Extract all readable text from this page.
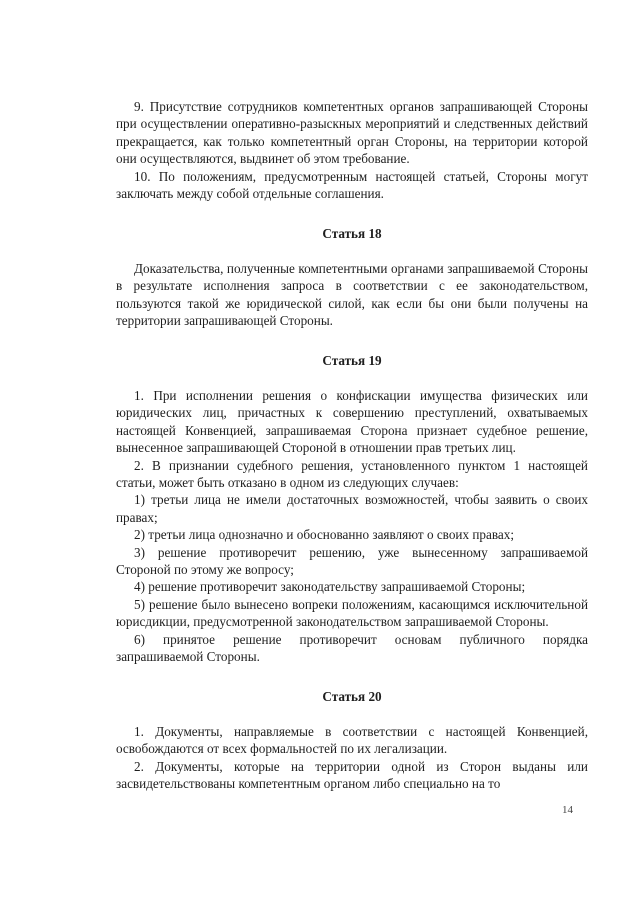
9. Присутствие сотрудников компетентных органов запрашивающей Стороны при осуществлении оперативно-разыскных мероприятий и следственных действий прекращается, как только компетентный орган Стороны, на территории которой они осуществляются, выдвинет об этом требование.

10. По положениям, предусмотренным настоящей статьей, Стороны могут заключать между собой отдельные соглашения.

Статья 18

Доказательства, полученные компетентными органами запрашиваемой Стороны в результате исполнения запроса в соответствии с ее законодательством, пользуются такой же юридической силой, как если бы они были получены на территории запрашивающей Стороны.

Статья 19

1. При исполнении решения о конфискации имущества физических или юридических лиц, причастных к совершению преступлений, охватываемых настоящей Конвенцией, запрашиваемая Сторона признает судебное решение, вынесенное запрашивающей Стороной в отношении прав третьих лиц.

2. В признании судебного решения, установленного пунктом 1 настоящей статьи, может быть отказано в одном из следующих случаев:

1) третьи лица не имели достаточных возможностей, чтобы заявить о своих правах;

2) третьи лица однозначно и обоснованно заявляют о своих правах;

3) решение противоречит решению, уже вынесенному запрашиваемой Стороной по этому же вопросу;

4) решение противоречит законодательству запрашиваемой Стороны;

5) решение было вынесено вопреки положениям, касающимся исключительной юрисдикции, предусмотренной законодательством запрашиваемой Стороны.

6) принятое решение противоречит основам публичного порядка запрашиваемой Стороны.

Статья 20

1. Документы, направляемые в соответствии с настоящей Конвенцией, освобождаются от всех формальностей по их легализации.

2. Документы, которые на территории одной из Сторон выданы или засвидетельствованы компетентным органом либо специально на то

14
